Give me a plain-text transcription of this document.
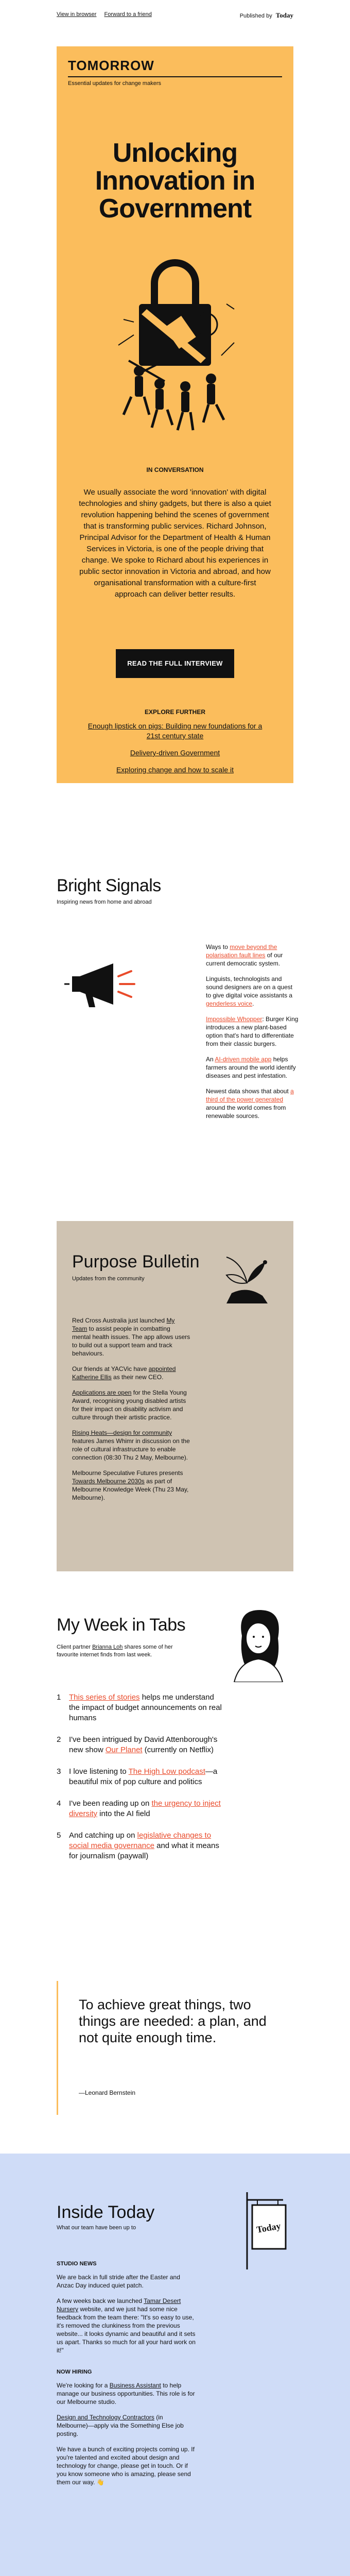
View in browser Forward to a friend	Published by Today
TOMORROW
Essential updates for change makers
Unlocking Innovation in Government
IN CONVERSATION
We usually associate the word 'innovation' with digital technologies and shiny gadgets, but there is also a quiet revolution happening behind the scenes of government that is transforming public services. Richard Johnson, Principal Advisor for the Department of Health & Human Services in Victoria, is one of the people driving that change. We spoke to Richard about his experiences in public sector innovation in Victoria and abroad, and how organisational transformation with a culture-first approach can deliver better results.
READ THE FULL INTERVIEW
EXPLORE FURTHER
Enough lipstick on pigs: Building new foundations for a 21st century state
Delivery-driven Government
Exploring change and how to scale it
Bright Signals
Inspiring news from home and abroad

Ways to move beyond the polarisation fault lines of our current democratic system.

Linguists, technologists and sound designers are on a quest to give digital voice assistants a genderless voice.

Impossible Whopper: Burger King introduces a new plant-based option that's hard to differentiate from their classic burgers.

An AI-driven mobile app helps farmers around the world identify diseases and pest infestation.

Newest data shows that about a third of the power generated around the world comes from renewable sources.

Purpose Bulletin
Updates from the community

Red Cross Australia just launched My Team to assist people in combatting mental health issues. The app allows users to build out a support team and track behaviours.

Our friends at YACVic have appointed Katherine Ellis as their new CEO.

Applications are open for the Stella Young Award, recognising young disabled artists for their impact on disability activism and culture through their artistic practice.

Rising Heats—design for community features James Whimr in discussion on the role of cultural infrastructure to enable connection (08:30 Thu 2 May, Melbourne).

Melbourne Speculative Futures presents Towards Melbourne 2030s as part of Melbourne Knowledge Week (Thu 23 May, Melbourne).

My Week in Tabs
Client partner Brianna Loh shares some of her favourite internet finds from last week.
1 This series of stories helps me understand the impact of budget announcements on real humans
2 I've been intrigued by David Attenborough's new show Our Planet (currently on Netflix)
3 I love listening to The High Low podcast—a beautiful mix of pop culture and politics
4 I've been reading up on the urgency to inject diversity into the AI field
5 And catching up on legislative changes to social media governance and what it means for journalism (paywall)
To achieve great things, two things are needed: a plan, and not quite enough time.
—Leonard Bernstein
Inside Today
What our team have been up to	Today
STUDIO NEWS

We are back in full stride after the Easter and Anzac Day induced quiet patch.

A few weeks back we launched Tamar Desert Nursery website, and we just had some nice feedback from the team there: "It's so easy to use, it's removed the clunkiness from the previous website... it looks dynamic and beautiful and it sets us apart. Thanks so much for all your hard work on it!"

NOW HIRING

We're looking for a Business Assistant to help manage our business opportunities. This role is for our Melbourne studio.

Design and Technology Contractors (in Melbourne)—apply via the Something Else job posting.

We have a bunch of exciting projects coming up. If you're talented and excited about design and technology for change, please get in touch. Or if you know someone who is amazing, please send them our way. 👋
